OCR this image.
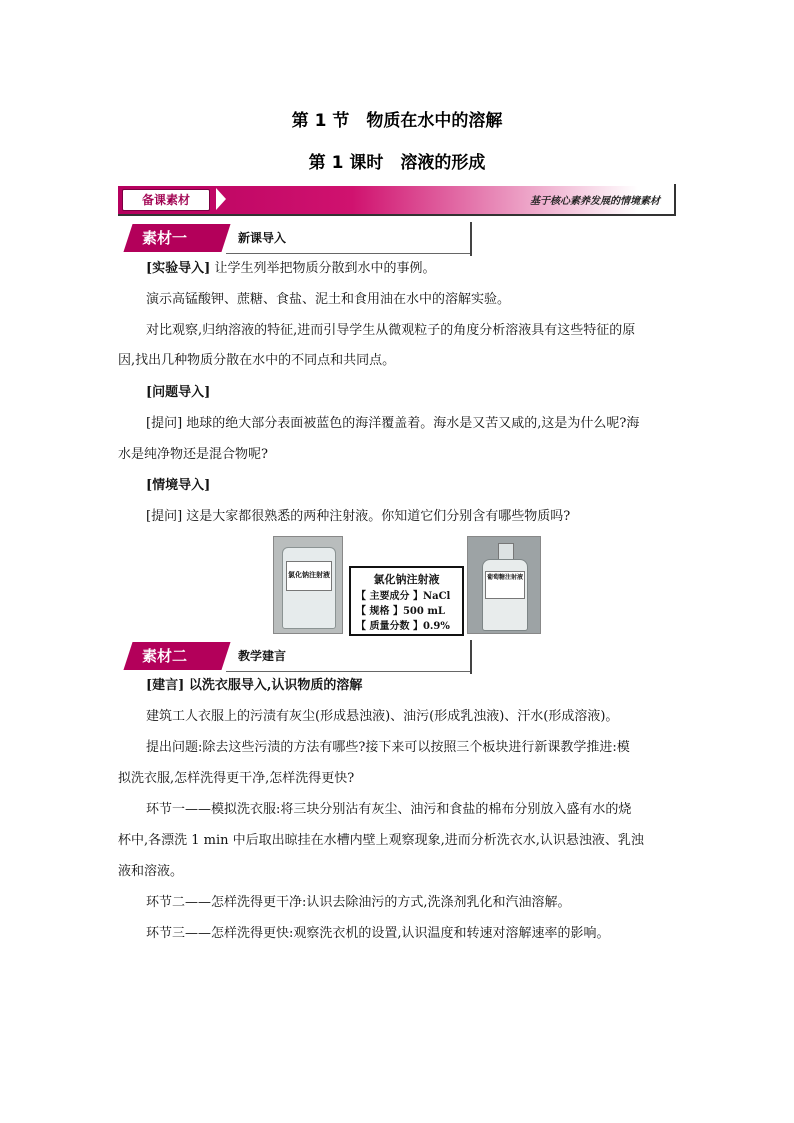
第 1 节　物质在水中的溶解
第 1 课时　溶液的形成
备课素材	基于核心素养发展的情境素材
素材一	新课导入
[实验导入] 让学生列举把物质分散到水中的事例。
演示高锰酸钾、蔗糖、食盐、泥土和食用油在水中的溶解实验。
对比观察,归纳溶液的特征,进而引导学生从微观粒子的角度分析溶液具有这些特征的原
因,找出几种物质分散在水中的不同点和共同点。
[问题导入]
[提问] 地球的绝大部分表面被蓝色的海洋覆盖着。海水是又苦又咸的,这是为什么呢?海
水是纯净物还是混合物呢?
[情境导入]
[提问] 这是大家都很熟悉的两种注射液。你知道它们分别含有哪些物质吗?
氯化钠注射液	氯化钠注射液
【 主要成分 】NaCl
【 规格 】500 mL
【 质量分数 】0.9%
葡萄糖注射液
素材二	教学建言
[建言] 以洗衣服导入,认识物质的溶解
建筑工人衣服上的污渍有灰尘(形成悬浊液)、油污(形成乳浊液)、汗水(形成溶液)。
提出问题:除去这些污渍的方法有哪些?接下来可以按照三个板块进行新课教学推进:模
拟洗衣服,怎样洗得更干净,怎样洗得更快?
环节一——模拟洗衣服:将三块分别沾有灰尘、油污和食盐的棉布分别放入盛有水的烧
杯中,各漂洗 1 min 中后取出晾挂在水槽内壁上观察现象,进而分析洗衣水,认识悬浊液、乳浊
液和溶液。
环节二——怎样洗得更干净:认识去除油污的方式,洗涤剂乳化和汽油溶解。
环节三——怎样洗得更快:观察洗衣机的设置,认识温度和转速对溶解速率的影响。
